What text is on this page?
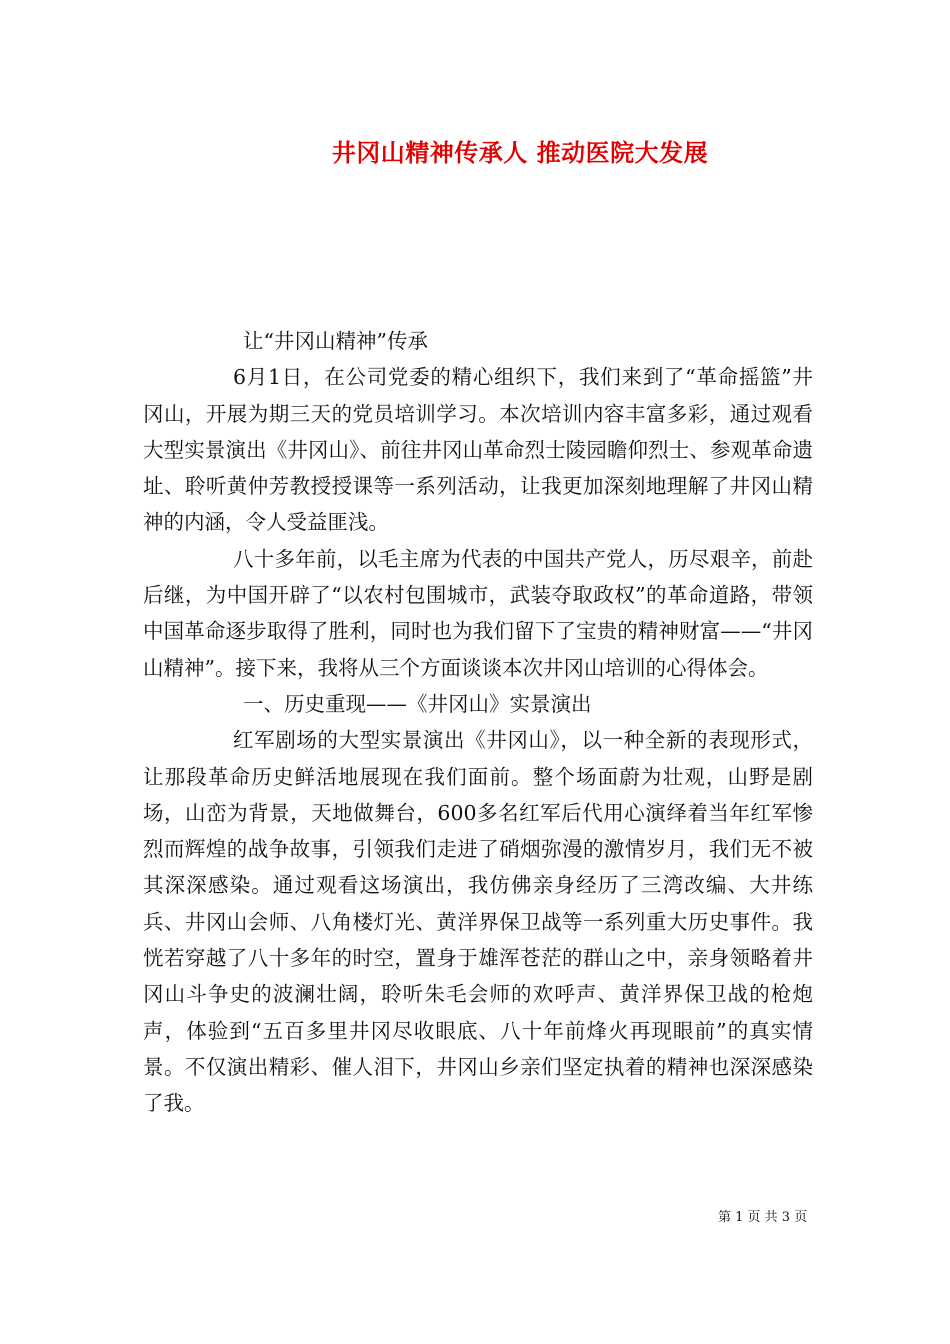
井冈山精神传承人 推动医院大发展

让“井冈山精神”传承

6月1日，在公司党委的精心组织下，我们来到了“革命摇篮”井冈山，开展为期三天的党员培训学习。本次培训内容丰富多彩，通过观看大型实景演出《井冈山》、前往井冈山革命烈士陵园瞻仰烈士、参观革命遗址、聆听黄仲芳教授授课等一系列活动，让我更加深刻地理解了井冈山精神的内涵，令人受益匪浅。

八十多年前，以毛主席为代表的中国共产党人，历尽艰辛，前赴后继，为中国开辟了“以农村包围城市，武装夺取政权”的革命道路，带领中国革命逐步取得了胜利，同时也为我们留下了宝贵的精神财富——“井冈山精神”。接下来，我将从三个方面谈谈本次井冈山培训的心得体会。

一、历史重现——《井冈山》实景演出

红军剧场的大型实景演出《井冈山》，以一种全新的表现形式，让那段革命历史鲜活地展现在我们面前。整个场面蔚为壮观，山野是剧场，山峦为背景，天地做舞台，600多名红军后代用心演绎着当年红军惨烈而辉煌的战争故事，引领我们走进了硝烟弥漫的激情岁月，我们无不被其深深感染。通过观看这场演出，我仿佛亲身经历了三湾改编、大井练兵、井冈山会师、八角楼灯光、黄洋界保卫战等一系列重大历史事件。我恍若穿越了八十多年的时空，置身于雄浑苍茫的群山之中，亲身领略着井冈山斗争史的波澜壮阔，聆听朱毛会师的欢呼声、黄洋界保卫战的枪炮声，体验到“五百多里井冈尽收眼底、八十年前烽火再现眼前”的真实情景。不仅演出精彩、催人泪下，井冈山乡亲们坚定执着的精神也深深感染了我。

第 1 页 共 3 页
